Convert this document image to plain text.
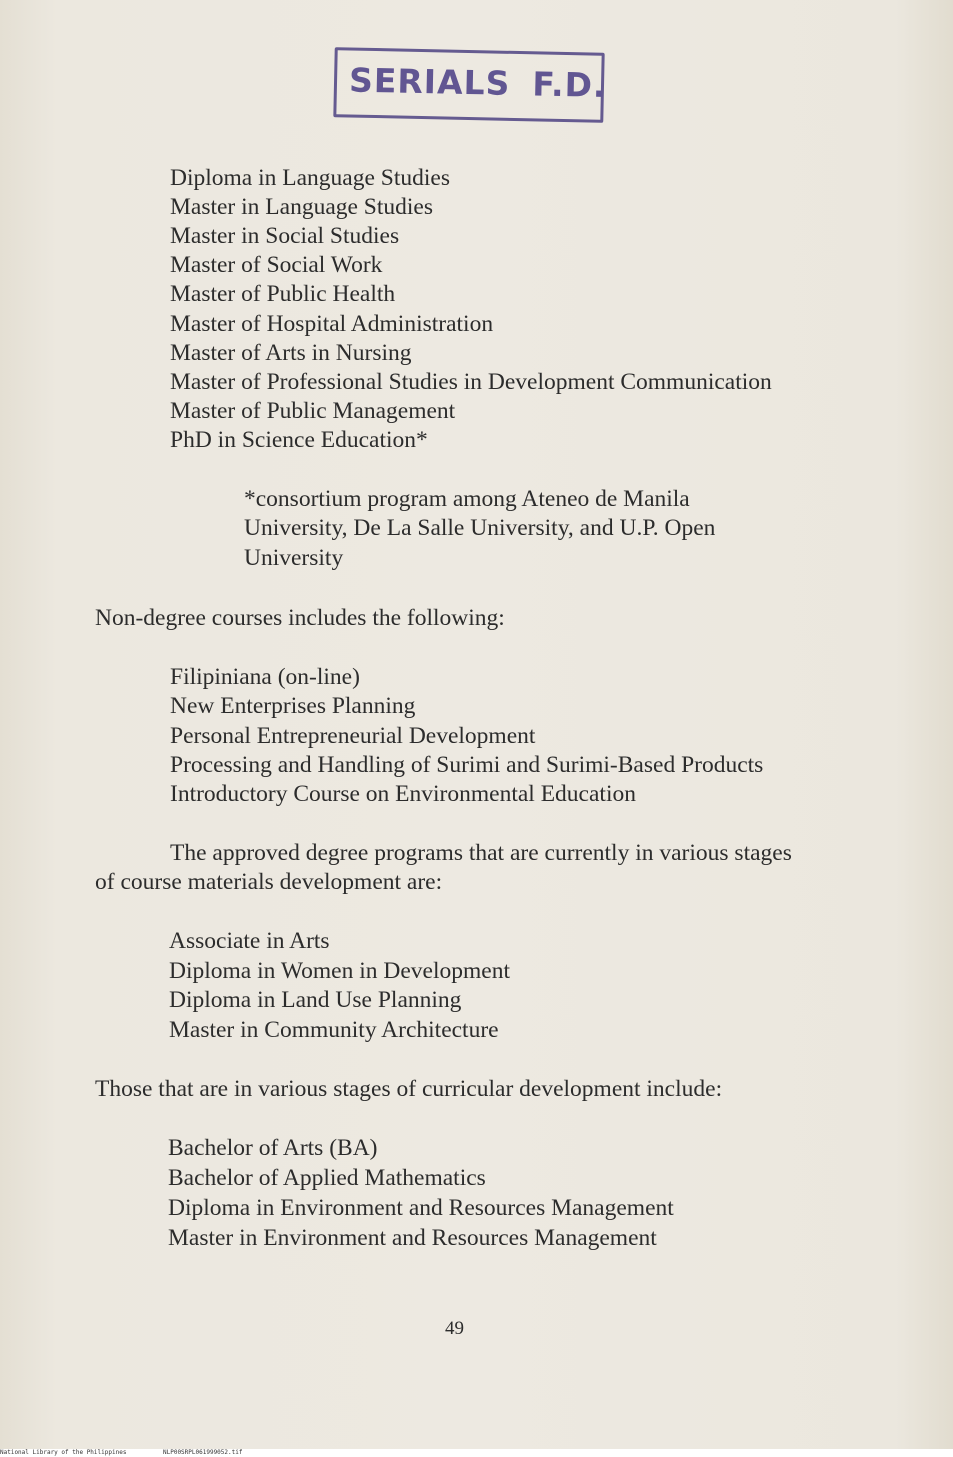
SERIALS F.D.
Diploma in Language Studies
Master in Language Studies
Master in Social Studies
Master of Social Work
Master of Public Health
Master of Hospital Administration
Master of Arts in Nursing
Master of Professional Studies in Development Communication
Master of Public Management
PhD in Science Education*
*consortium program among Ateneo de Manila
University, De La Salle University, and U.P. Open
University
Non-degree courses includes the following:
Filipiniana (on-line)
New Enterprises Planning
Personal Entrepreneurial Development
Processing and Handling of Surimi and Surimi-Based Products
Introductory Course on Environmental Education
The approved degree programs that are currently in various stages
of course materials development are:
Associate in Arts
Diploma in Women in Development
Diploma in Land Use Planning
Master in Community Architecture
Those that are in various stages of curricular development include:
Bachelor of Arts (BA)
Bachelor of Applied Mathematics
Diploma in Environment and Resources Management
Master in Environment and Resources Management
49
National Library of the Philippines	NLP00SRPL061999052.tif
